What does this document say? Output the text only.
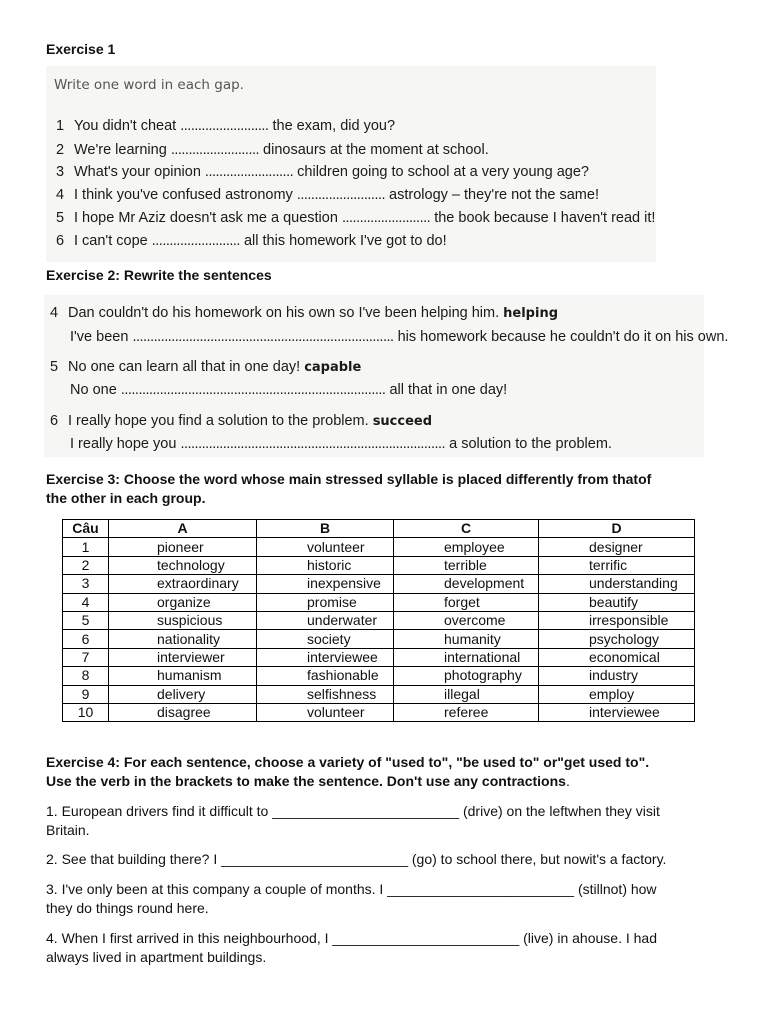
Exercise 1
Write one word in each gap.
1 You didn't cheat ......................... the exam, did you?
2 We're learning ......................... dinosaurs at the moment at school.
3 What's your opinion ......................... children going to school at a very young age?
4 I think you've confused astronomy ......................... astrology – they're not the same!
5 I hope Mr Aziz doesn't ask me a question ......................... the book because I haven't read it!
6 I can't cope ......................... all this homework I've got to do!
Exercise 2: Rewrite the sentences
4 Dan couldn't do his homework on his own so I've been helping him. helping
I've been .......................................................................... his homework because he couldn't do it on his own.
5 No one can learn all that in one day! capable
No one ........................................................................... all that in one day!
6 I really hope you find a solution to the problem. succeed
I really hope you ........................................................................... a solution to the problem.
Exercise 3: Choose the word whose main stressed syllable is placed differently from thatof
the other in each group.
Câu	A	B	C	D
1	pioneer	volunteer	employee	designer
2	technology	historic	terrible	terrific
3	extraordinary	inexpensive	development	understanding
4	organize	promise	forget	beautify
5	suspicious	underwater	overcome	irresponsible
6	nationality	society	humanity	psychology
7	interviewer	interviewee	international	economical
8	humanism	fashionable	photography	industry
9	delivery	selfishness	illegal	employ
10	disagree	volunteer	referee	interviewee
Exercise 4: For each sentence, choose a variety of "used to", "be used to" or"get used to".
Use the verb in the brackets to make the sentence. Don't use any contractions.
1. European drivers find it difficult to ________________________ (drive) on the leftwhen they visit
Britain.
2. See that building there? I ________________________ (go) to school there, but nowit's a factory.
3. I've only been at this company a couple of months. I ________________________ (stillnot) how
they do things round here.
4. When I first arrived in this neighbourhood, I ________________________ (live) in ahouse. I had
always lived in apartment buildings.
